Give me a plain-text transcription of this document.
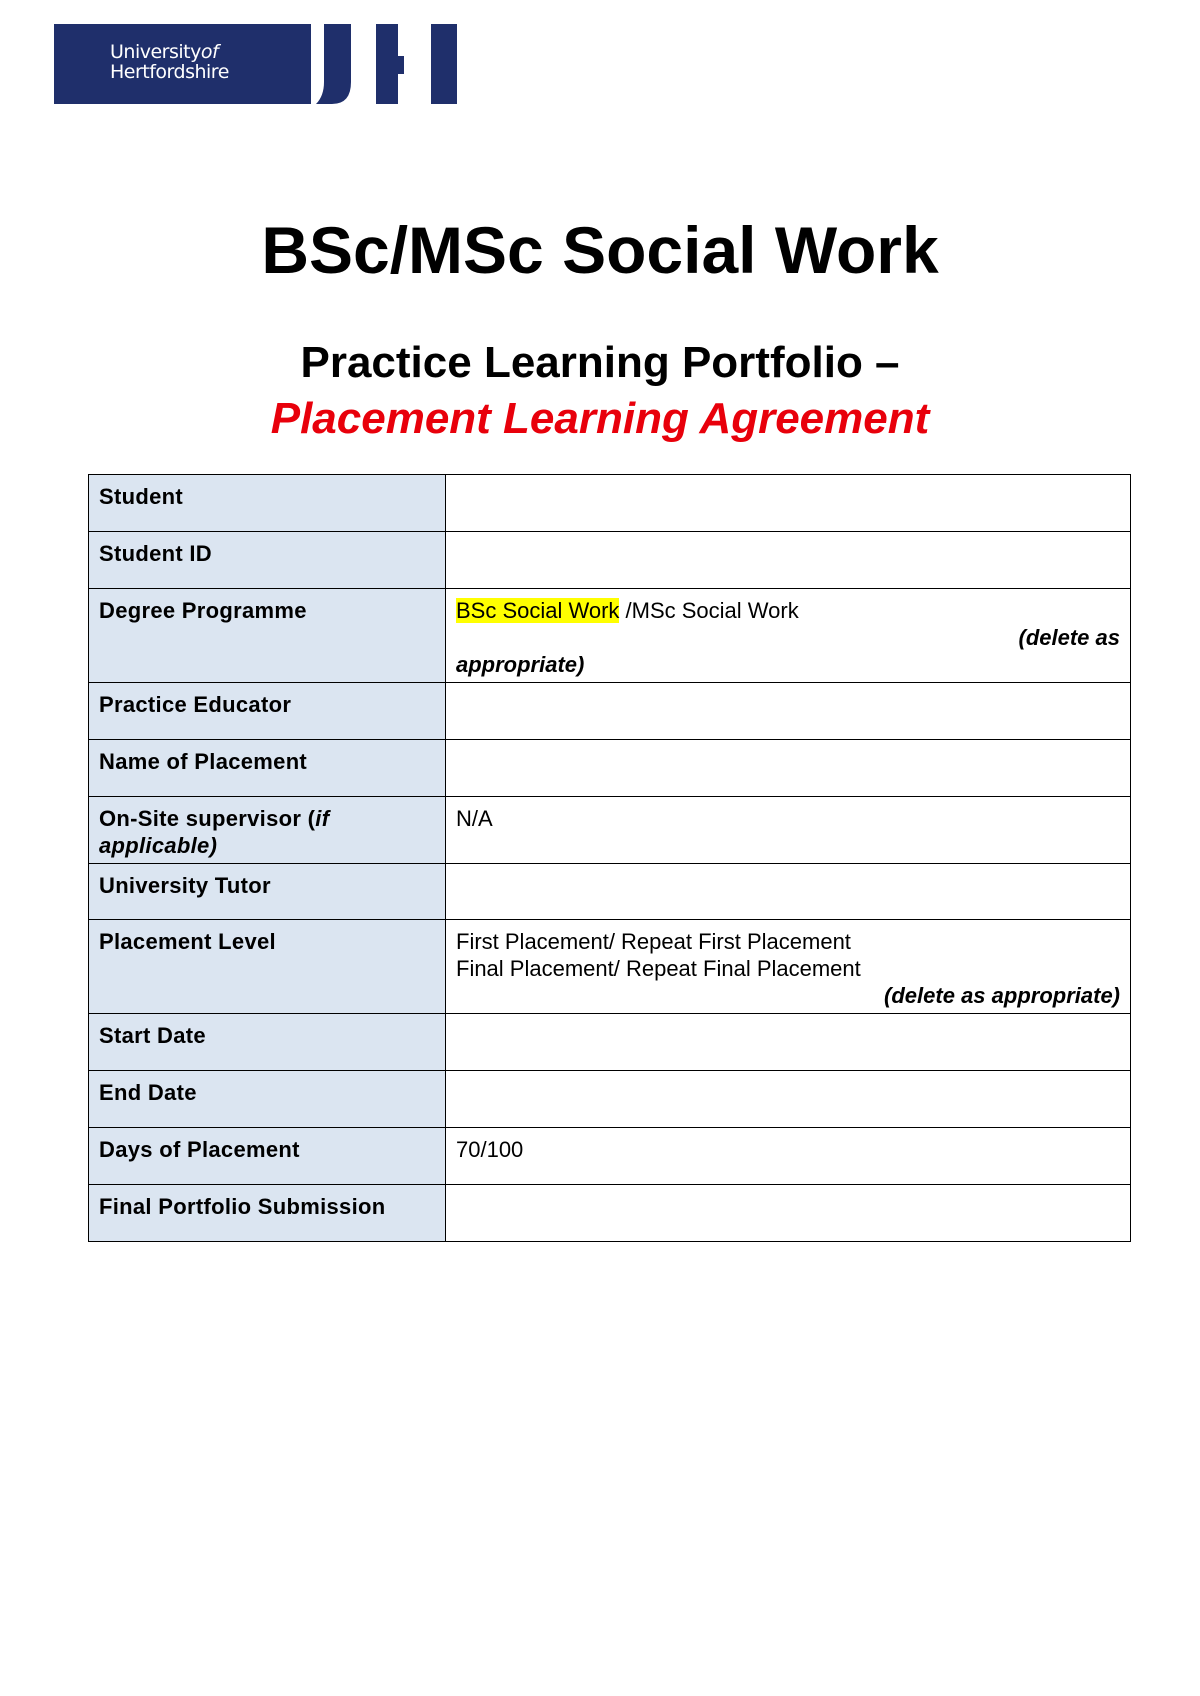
Universityof
Hertfordshire
BSc/MSc Social Work
Practice Learning Portfolio –
Placement Learning Agreement
Student	
Student ID	
Degree Programme	BSc Social Work /MSc Social Work
(delete as
appropriate)

Practice Educator	
Name of Placement	
On-Site supervisor (if applicable)	N/A
University Tutor	
Placement Level	First Placement/ Repeat First Placement
Final Placement/ Repeat Final Placement
(delete as appropriate)

Start Date	
End Date	
Days of Placement	70/100
Final Portfolio Submission	
